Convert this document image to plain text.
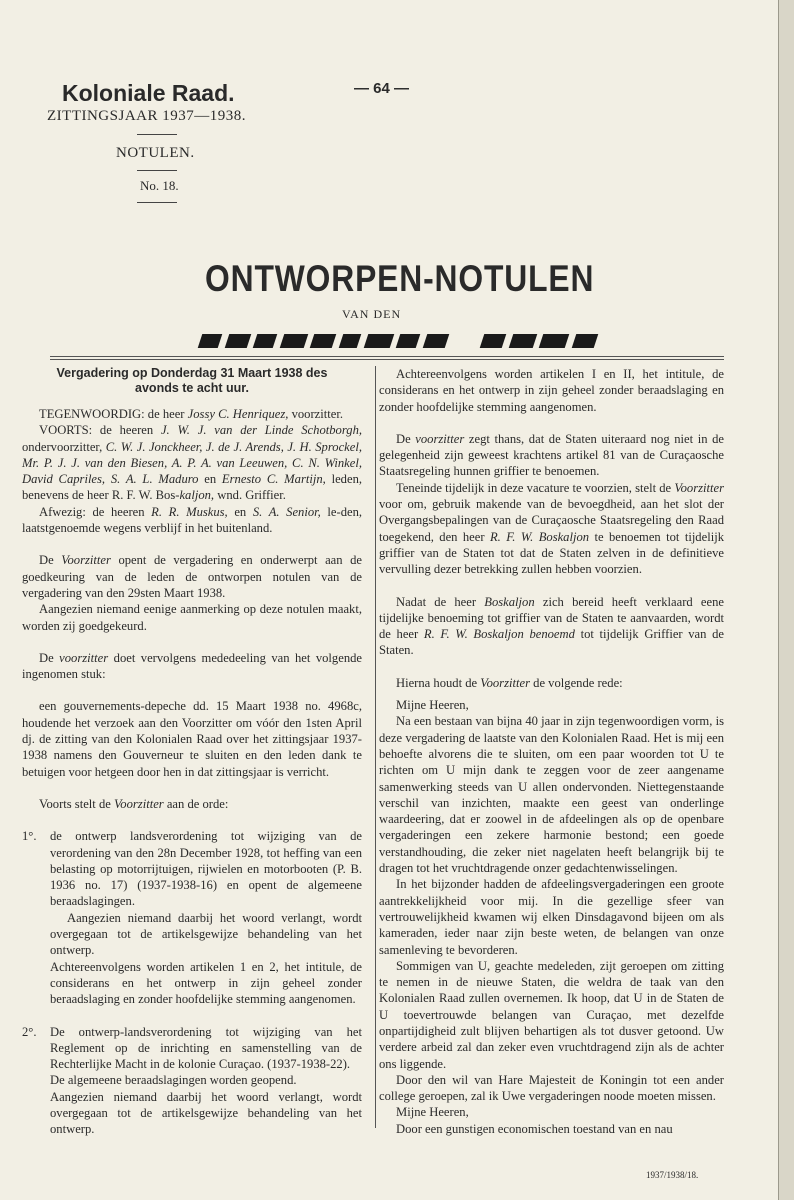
Koloniale Raad.	— 64 —
ZITTINGSJAAR 1937—1938.
NOTULEN.
No. 18.
ONTWORPEN-NOTULEN
VAN DEN

Vergadering op Donderdag 31 Maart 1938 des
avonds te acht uur.

TEGENWOORDIG: de heer Jossy C. Henriquez, voorzitter.

VOORTS: de heeren J. W. J. van der Linde Schotborgh, ondervoorzitter, C. W. J. Jonckheer, J. de J. Arends, J. H. Sprockel, Mr. P. J. J. van den Biesen, A. P. A. van Leeuwen, C. N. Winkel, David Capriles, S. A. L. Maduro en Ernesto C. Martijn, leden, benevens de heer R. F. W. Bos-kaljon, wnd. Griffier.

Afwezig: de heeren R. R. Muskus, en S. A. Senior, le-den, laatstgenoemde wegens verblijf in het buitenland.

De Voorzitter opent de vergadering en onderwerpt aan de goedkeuring van de leden de ontworpen notulen van de vergadering van den 29sten Maart 1938.

Aangezien niemand eenige aanmerking op deze notulen maakt, worden zij goedgekeurd.

De voorzitter doet vervolgens mededeeling van het volgende ingenomen stuk:

een gouvernements-depeche dd. 15 Maart 1938 no. 4968c, houdende het verzoek aan den Voorzitter om vóór den 1sten April dj. de zitting van den Kolonialen Raad over het zittingsjaar 1937-1938 namens den Gouverneur te sluiten en den leden dank te betuigen voor hetgeen door hen in dat zittingsjaar is verricht.

Voorts stelt de Voorzitter aan de orde:

1°.	de ontwerp landsverordening tot wijziging van de verordening van den 28n December 1928, tot heffing van een belasting op motorrijtuigen, rijwielen en motorbooten (P. B. 1936 no. 17) (1937-1938-16) en opent de algemeene beraadslagingen.

Aangezien niemand daarbij het woord verlangt, wordt overgegaan tot de artikelsgewijze behandeling van het ontwerp.

Achtereenvolgens worden artikelen 1 en 2, het intitule, de considerans en het ontwerp in zijn geheel zonder beraadslaging en zonder hoofdelijke stemming aangenomen.

2°.	De ontwerp-landsverordening tot wijziging van het Reglement op de inrichting en samenstelling van de Rechterlijke Macht in de kolonie Curaçao. (1937-1938-22).

De algemeene beraadslagingen worden geopend.

Aangezien niemand daarbij het woord verlangt, wordt overgegaan tot de artikelsgewijze behandeling van het ontwerp.

Achtereenvolgens worden artikelen I en II, het intitule, de considerans en het ontwerp in zijn geheel zonder beraadslaging en zonder hoofdelijke stemming aangenomen.

De voorzitter zegt thans, dat de Staten uiteraard nog niet in de gelegenheid zijn geweest krachtens artikel 81 van de Curaçaosche Staatsregeling hunnen griffier te benoemen.

Teneinde tijdelijk in deze vacature te voorzien, stelt de Voorzitter voor om, gebruik makende van de bevoegdheid, aan het slot der Overgangsbepalingen van de Curaçaosche Staatsregeling den Raad toegekend, den heer R. F. W. Boskaljon te benoemen tot tijdelijk griffier van de Staten tot dat de Staten zelven in de definitieve vervulling dezer betrekking zullen hebben voorzien.

Nadat de heer Boskaljon zich bereid heeft verklaard eene tijdelijke benoeming tot griffier van de Staten te aanvaarden, wordt de heer R. F. W. Boskaljon benoemd tot tijdelijk Griffier van de Staten.

Hierna houdt de Voorzitter de volgende rede:

Mijne Heeren,

Na een bestaan van bijna 40 jaar in zijn tegenwoordigen vorm, is deze vergadering de laatste van den Kolonialen Raad. Het is mij een behoefte alvorens die te sluiten, om een paar woorden tot U te richten om U mijn dank te zeggen voor de zeer aangename samenwerking steeds van U allen ondervonden. Niettegenstaande verschil van inzichten, maakte een geest van onderlinge waardeering, dat er zoowel in de afdeelingen als op de openbare vergaderingen een zekere harmonie bestond; een goede verstandhouding, die zeker niet nagelaten heeft belangrijk bij te dragen tot het vruchtdragende onzer gedachtenwisselingen.

In het bijzonder hadden de afdeelingsvergaderingen een groote aantrekkelijkheid voor mij. In die gezellige sfeer van vertrouwelijkheid kwamen wij elken Dinsdagavond bijeen om als kameraden, ieder naar zijn beste weten, de belangen van onze samenleving te bevorderen.

Sommigen van U, geachte medeleden, zijt geroepen om zitting te nemen in de nieuwe Staten, die weldra de taak van den Kolonialen Raad zullen overnemen. Ik hoop, dat U in de Staten de U toevertrouwde belangen van Curaçao, met dezelfde onpartijdigheid zult blijven behartigen als tot dusver getoond. Uw verdere arbeid zal dan zeker even vruchtdragend zijn als de achter ons liggende.

Door den wil van Hare Majesteit de Koningin tot een ander college geroepen, zal ik Uwe vergaderingen noode moeten missen.

Mijne Heeren,

Door een gunstigen economischen toestand van en nau

1937/1938/18.
